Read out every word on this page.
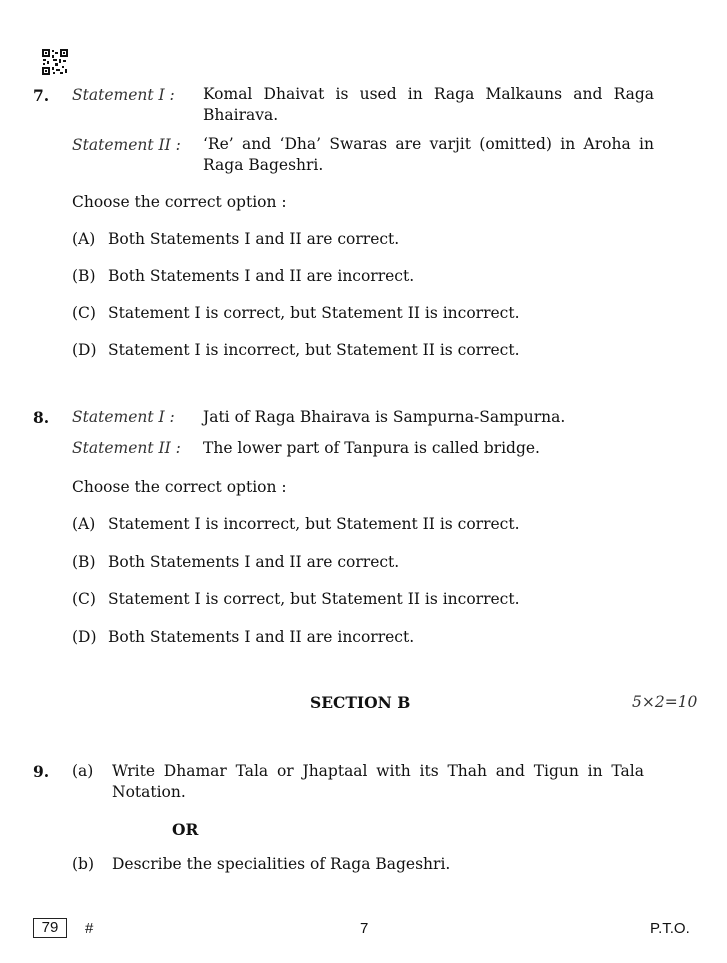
7. Statement I : Komal Dhaivat is used in Raga Malkauns and Raga Bhairava.
Statement II : ‘Re’ and ‘Dha’ Swaras are varjit (omitted) in Aroha in Raga Bageshri.
Choose the correct option :
(A) Both Statements I and II are correct.
(B) Both Statements I and II are incorrect.
(C) Statement I is correct, but Statement II is incorrect.
(D) Statement I is incorrect, but Statement II is correct.
8. Statement I : Jati of Raga Bhairava is Sampurna-Sampurna.
Statement II : The lower part of Tanpura is called bridge.
Choose the correct option :
(A) Statement I is incorrect, but Statement II is correct.
(B) Both Statements I and II are correct.
(C) Statement I is correct, but Statement II is incorrect.
(D) Both Statements I and II are incorrect.
SECTION B	5×2=10
9. (a) Write Dhamar Tala or Jhaptaal with its Thah and Tigun in Tala Notation.
OR
(b) Describe the specialities of Raga Bageshri.
79	#	7	P.T.O.
